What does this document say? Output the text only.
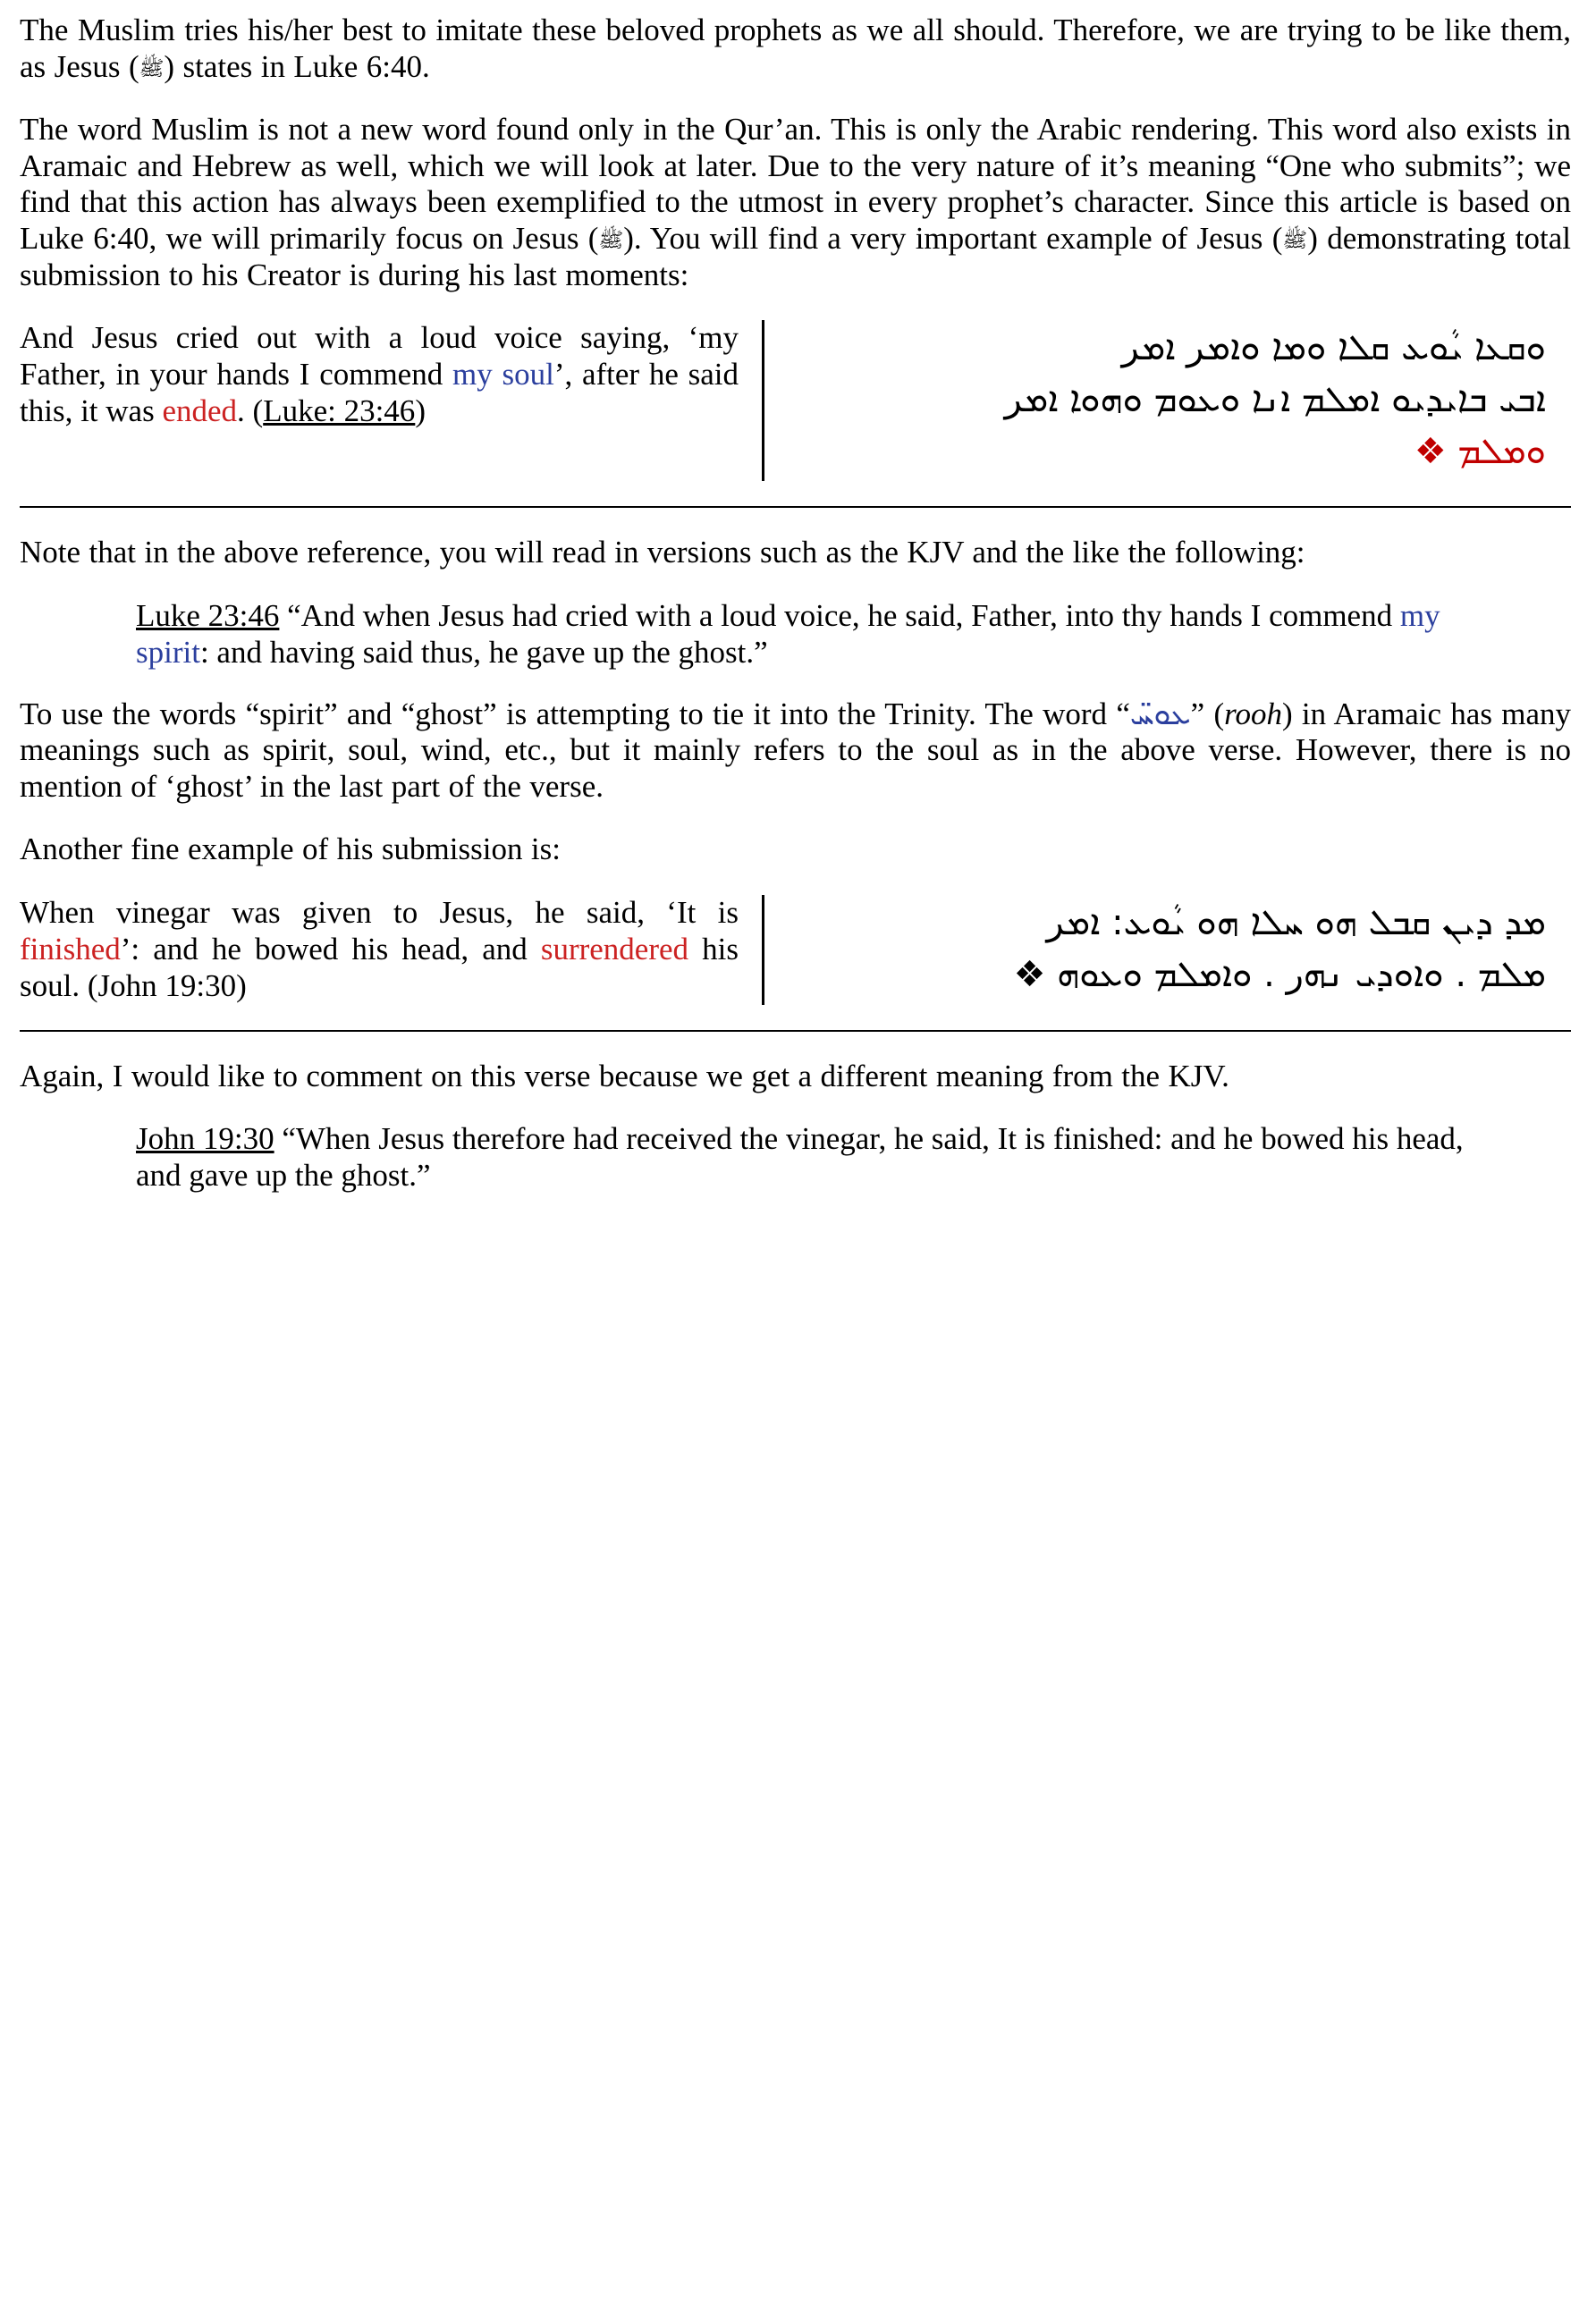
The Muslim tries his/her best to imitate these beloved prophets as we all should. Therefore, we are trying to be like them, as Jesus (ﷺ) states in Luke 6:40.

The word Muslim is not a new word found only in the Qur’an. This is only the Arabic rendering. This word also exists in Aramaic and Hebrew as well, which we will look at later. Due to the very nature of it’s meaning “One who submits”; we find that this action has always been exemplified to the utmost in every prophet’s character. Since this article is based on Luke 6:40, we will primarily focus on Jesus (ﷺ). You will find a very important example of Jesus (ﷺ) demonstrating total submission to his Creator is during his last moments:

And Jesus cried out with a loud voice saying, ‘my Father, in your hands I commend my soul’, after he said this, it was ended. (Luke: 23:46)
ܘܩܥܐ ܝܵܘܥ ܩܠܐ ܘܡܐ ܘܐܡر ܐܡر
ܐܒܝ ܒܐܝܕܝܘ ܐܡܠܡ ܐܢܐ ܘܥܘܡ ܘܗܘܐ ܐܡر
ܘܡܠܡ ❖

Note that in the above reference, you will read in versions such as the KJV and the like the following:

Luke 23:46 “And when Jesus had cried with a loud voice, he said, Father, into thy hands I commend my spirit: and having said thus, he gave up the ghost.”

To use the words “spirit” and “ghost” is attempting to tie it into the Trinity. The word “ܥܘܚ̈” (rooh) in Aramaic has many meanings such as spirit, soul, wind, etc., but it mainly refers to the soul as in the above verse. However, there is no mention of ‘ghost’ in the last part of the verse.

Another fine example of his submission is:

When vinegar was given to Jesus, he said, ‘It is finished’: and he bowed his head, and surrendered his soul. (John 19:30)
ܡܕ ܕܝܢ ܩܒܠ ܗܘ ܚܠܐ ܗܘ ܝܵܘܥ: ܐܡر
ܡܠܡ . ܘܐܘܕܝ ܢܗر . ܘܐܡܠܡ ܘܥܘܗ ❖

Again, I would like to comment on this verse because we get a different meaning from the KJV.

John 19:30 “When Jesus therefore had received the vinegar, he said, It is finished: and he bowed his head, and gave up the ghost.”
